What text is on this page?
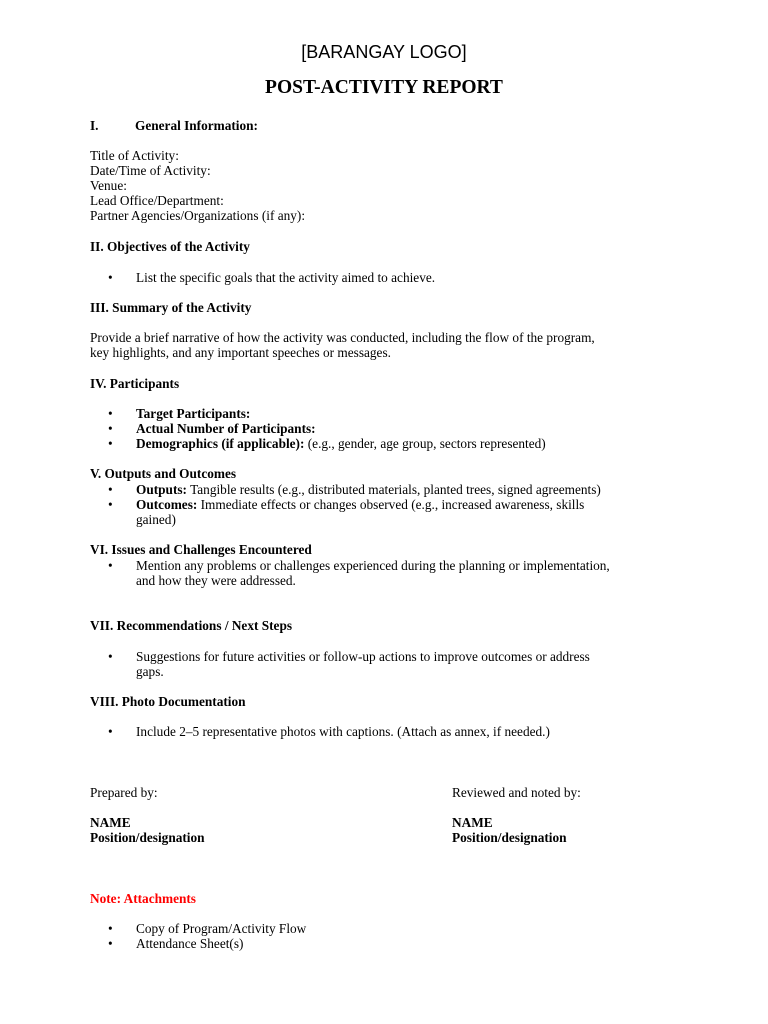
[BARANGAY LOGO]
POST-ACTIVITY REPORT
I.	General Information:
Title of Activity:
Date/Time of Activity:
Venue:
Lead Office/Department:
Partner Agencies/Organizations (if any):
II. Objectives of the Activity
•	List the specific goals that the activity aimed to achieve.
III. Summary of the Activity
Provide a brief narrative of how the activity was conducted, including the flow of the program,
key highlights, and any important speeches or messages.
IV. Participants
•	Target Participants:
•	Actual Number of Participants:
•	Demographics (if applicable): (e.g., gender, age group, sectors represented)
V. Outputs and Outcomes
•	Outputs: Tangible results (e.g., distributed materials, planted trees, signed agreements)
•	Outcomes: Immediate effects or changes observed (e.g., increased awareness, skills
gained)
VI. Issues and Challenges Encountered
•	Mention any problems or challenges experienced during the planning or implementation,
and how they were addressed.
VII. Recommendations / Next Steps
•	Suggestions for future activities or follow-up actions to improve outcomes or address
gaps.
VIII. Photo Documentation
•	Include 2–5 representative photos with captions. (Attach as annex, if needed.)
Prepared by:
NAME
Position/designation
Reviewed and noted by:
NAME
Position/designation
Note: Attachments
•	Copy of Program/Activity Flow
•	Attendance Sheet(s)
